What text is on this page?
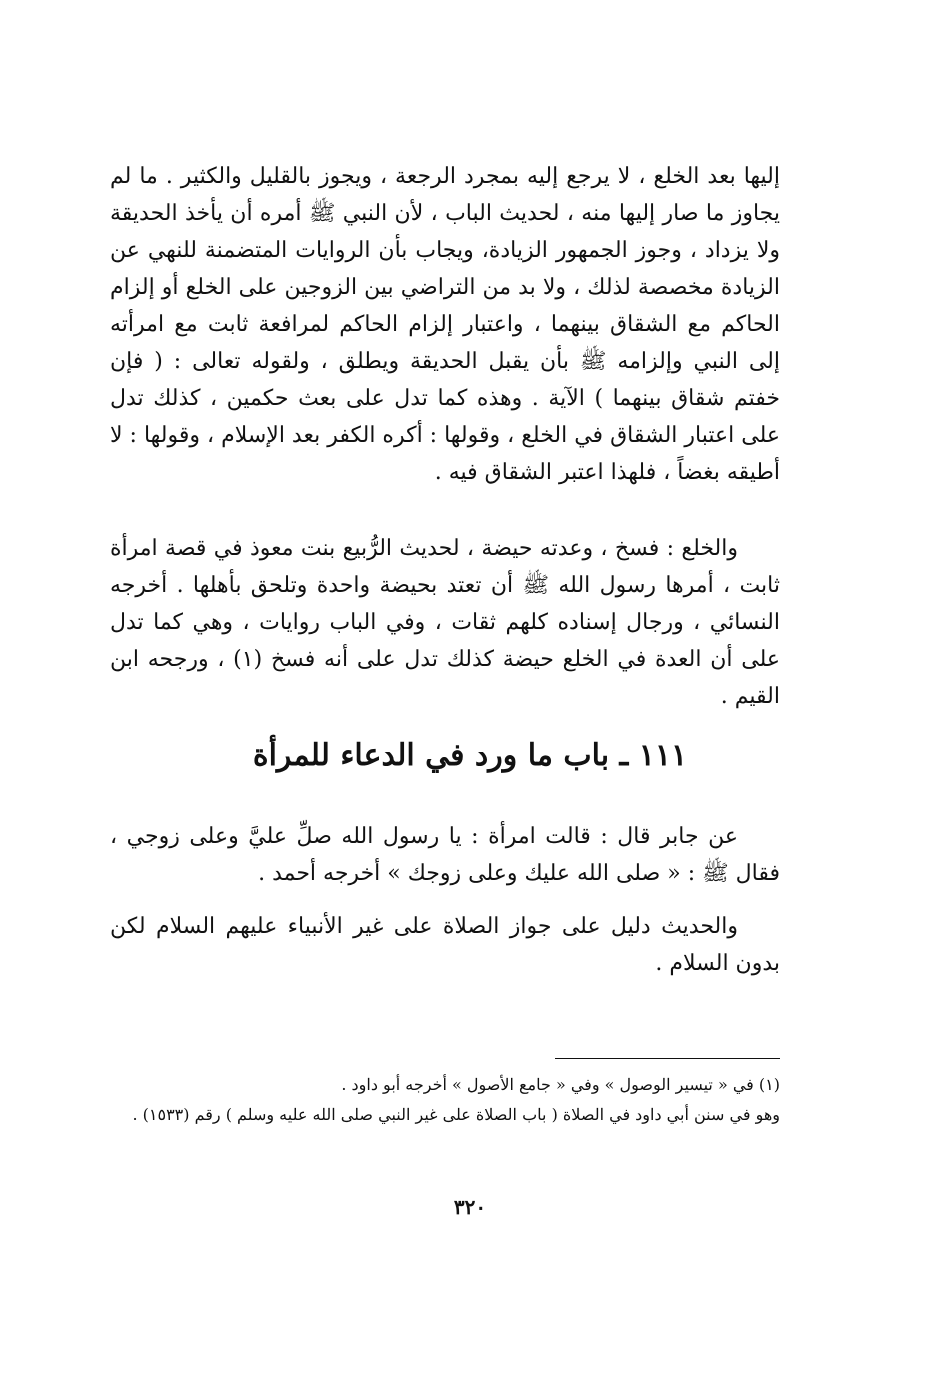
إليها بعد الخلع ، لا يرجع إليه بمجرد الرجعة ، ويجوز بالقليل والكثير . ما لم يجاوز ما صار إليها منه ، لحديث الباب ، لأن النبي ﷺ أمره أن يأخذ الحديقة ولا يزداد ، وجوز الجمهور الزيادة، ويجاب بأن الروايات المتضمنة للنهي عن الزيادة مخصصة لذلك ، ولا بد من التراضي بين الزوجين على الخلع أو إلزام الحاكم مع الشقاق بينهما ، واعتبار إلزام الحاكم لمرافعة ثابت مع امرأته إلى النبي وإلزامه ﷺ بأن يقبل الحديقة ويطلق ، ولقوله تعالى : ( فإن خفتم شقاق بينهما ) الآية . وهذه كما تدل على بعث حكمين ، كذلك تدل على اعتبار الشقاق في الخلع ، وقولها : أكره الكفر بعد الإسلام ، وقولها : لا أطيقه بغضاً ، فلهذا اعتبر الشقاق فيه .

والخلع : فسخ ، وعدته حيضة ، لحديث الرُّبيع بنت معوذ في قصة امرأة ثابت ، أمرها رسول الله ﷺ أن تعتد بحيضة واحدة وتلحق بأهلها . أخرجه النسائي ، ورجال إسناده كلهم ثقات ، وفي الباب روايات ، وهي كما تدل على أن العدة في الخلع حيضة كذلك تدل على أنه فسخ (١) ، ورجحه ابن القيم .

١١١ ـ باب ما ورد في الدعاء للمرأة

عن جابر قال : قالت امرأة : يا رسول الله صلِّ عليَّ وعلى زوجي ، فقال ﷺ : « صلى الله عليك وعلى زوجك » أخرجه أحمد .

والحديث دليل على جواز الصلاة على غير الأنبياء عليهم السلام لكن بدون السلام .

(١) في « تيسير الوصول » وفي « جامع الأصول » أخرجه أبو داود .

وهو في سنن أبي داود في الصلاة ( باب الصلاة على غير النبي صلى الله عليه وسلم ) رقم (١٥٣٣) .

٣٢٠
